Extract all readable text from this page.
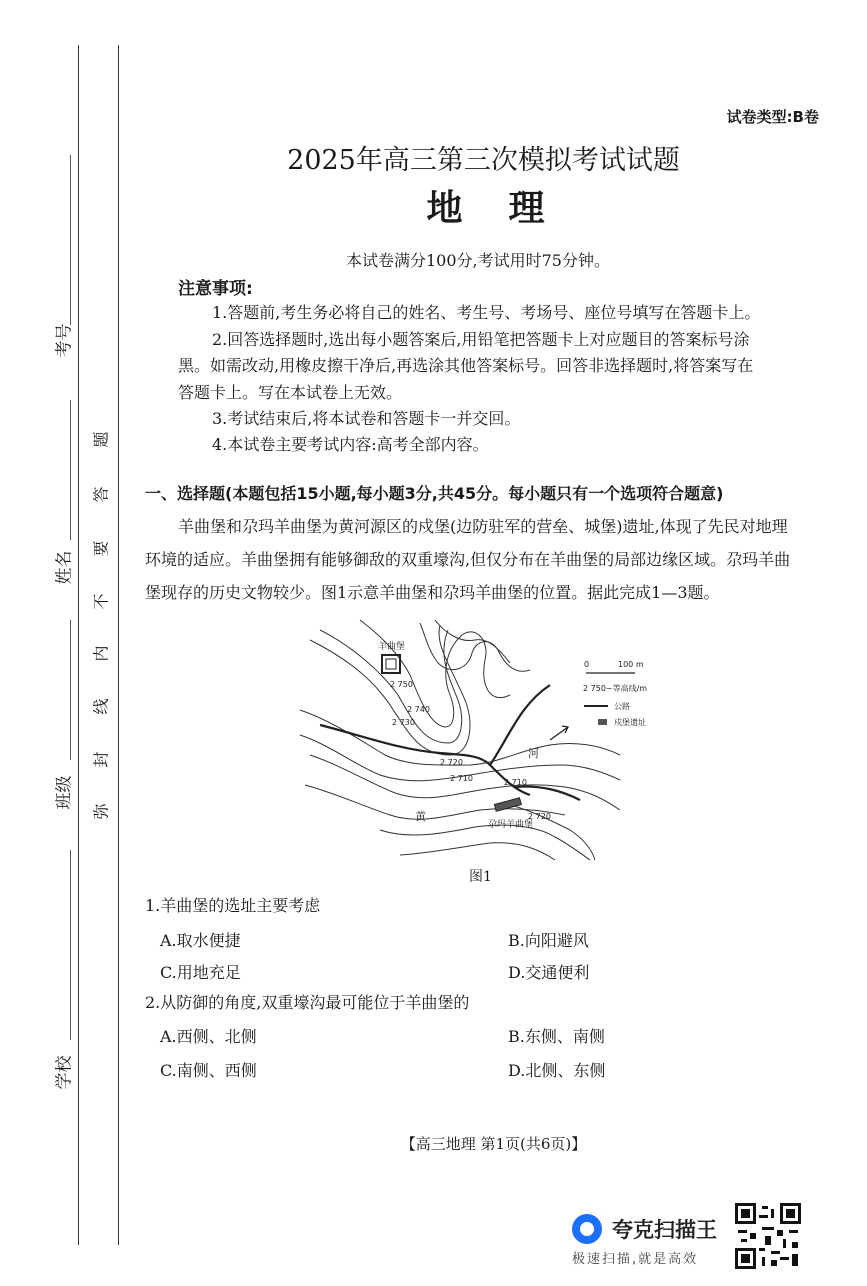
考号
姓名
班级
学校
题
答
要
不
内
线
封
弥
试卷类型:B卷
2025年高三第三次模拟考试试题
地理
本试卷满分100分,考试用时75分钟。
注意事项:
1.答题前,考生务必将自己的姓名、考生号、考场号、座位号填写在答题卡上。
2.回答选择题时,选出每小题答案后,用铅笔把答题卡上对应题目的答案标号涂
黑。如需改动,用橡皮擦干净后,再选涂其他答案标号。回答非选择题时,将答案写在
答题卡上。写在本试卷上无效。
3.考试结束后,将本试卷和答题卡一并交回。
4.本试卷主要考试内容:高考全部内容。
一、选择题(本题包括15小题,每小题3分,共45分。每小题只有一个选项符合题意)
羊曲堡和尕玛羊曲堡为黄河源区的戍堡(边防驻军的营垒、城堡)遗址,体现了先民对地理
环境的适应。羊曲堡拥有能够御敌的双重壕沟,但仅分布在羊曲堡的局部边缘区域。尕玛羊曲
堡现存的历史文物较少。图1示意羊曲堡和尕玛羊曲堡的位置。据此完成1—3题。
羊曲堡
尕玛羊曲堡
河
黄
2 750
2 740
2 730
2 720
2 710	2 710
2 720
0	100 m
2 750~等高线/m
公路
戍堡遗址
图1
1.羊曲堡的选址主要考虑
A.取水便捷	B.向阳避风
C.用地充足	D.交通便利
2.从防御的角度,双重壕沟最可能位于羊曲堡的
A.西侧、北侧	B.东侧、南侧
C.南侧、西侧	D.北侧、东侧
【高三地理 第1页(共6页)】
夸克扫描王
极速扫描,就是高效
